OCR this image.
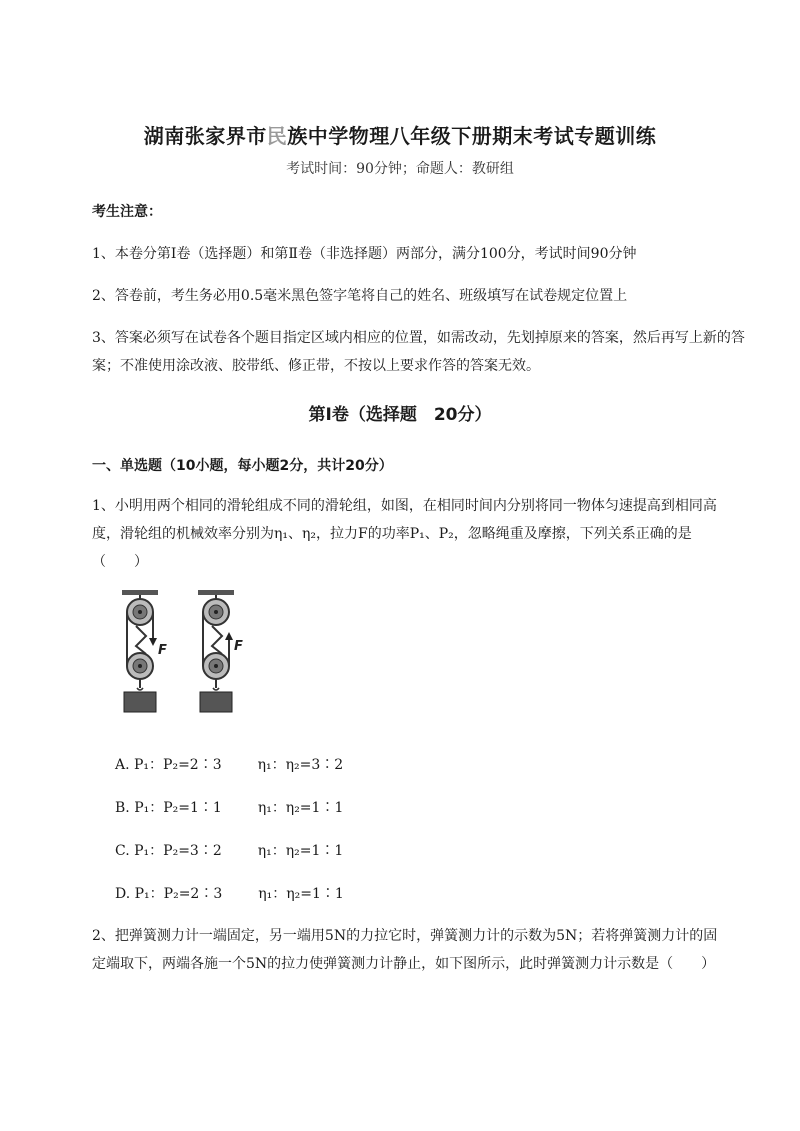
湖南张家界市民族中学物理八年级下册期末考试专题训练
考试时间：90分钟；命题人：教研组
考生注意：
1、本卷分第Ⅰ卷（选择题）和第Ⅱ卷（非选择题）两部分，满分100分，考试时间90分钟
2、答卷前，考生务必用0.5毫米黑色签字笔将自己的姓名、班级填写在试卷规定位置上
3、答案必须写在试卷各个题目指定区域内相应的位置，如需改动，先划掉原来的答案，然后再写上新的答案；不准使用涂改液、胶带纸、修正带，不按以上要求作答的答案无效。
第Ⅰ卷（选择题　20分）
一、单选题（10小题，每小题2分，共计20分）
1、小明用两个相同的滑轮组成不同的滑轮组，如图，在相同时间内分别将同一物体匀速提高到相同高
度，滑轮组的机械效率分别为η₁、η₂，拉力F的功率P₁、P₂，忽略绳重及摩擦，下列关系正确的是
（　　）
F	F
A. P₁：P₂=2∶3	η₁：η₂=3∶2
B. P₁：P₂=1∶1	η₁：η₂=1∶1
C. P₁：P₂=3∶2	η₁：η₂=1∶1
D. P₁：P₂=2∶3	η₁：η₂=1∶1
2、把弹簧测力计一端固定，另一端用5N的力拉它时，弹簧测力计的示数为5N；若将弹簧测力计的固
定端取下，两端各施一个5N的拉力使弹簧测力计静止，如下图所示，此时弹簧测力计示数是（　　）
